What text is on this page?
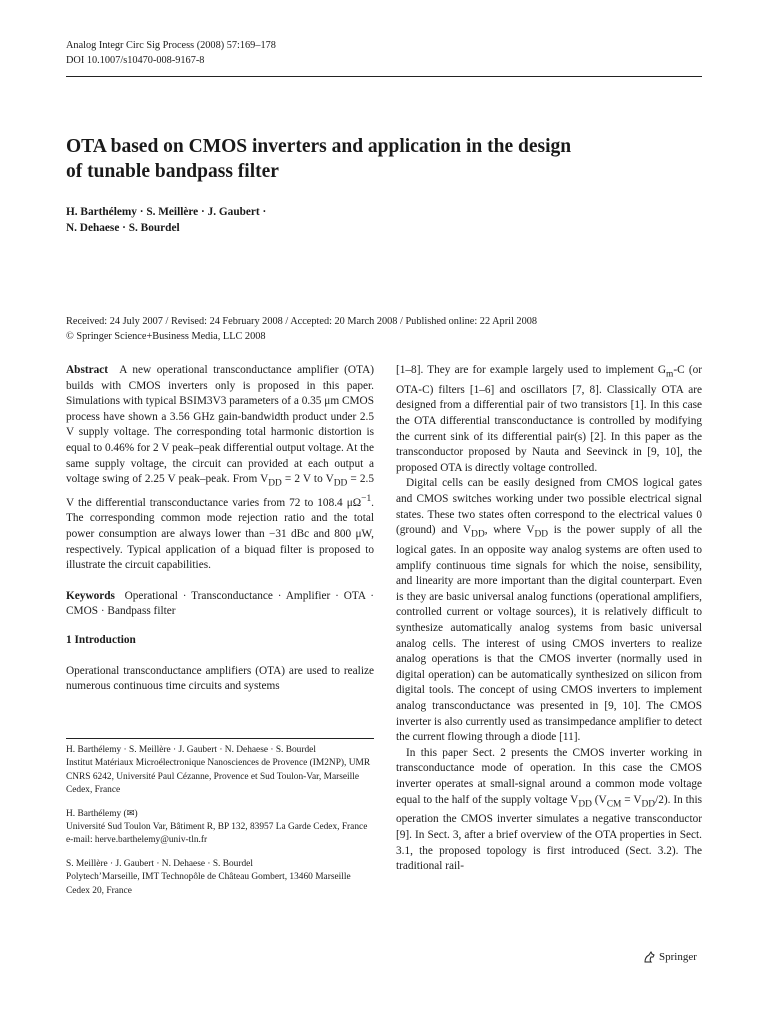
Analog Integr Circ Sig Process (2008) 57:169–178
DOI 10.1007/s10470-008-9167-8
OTA based on CMOS inverters and application in the design
of tunable bandpass filter
H. Barthélemy · S. Meillère · J. Gaubert ·
N. Dehaese · S. Bourdel
Received: 24 July 2007 / Revised: 24 February 2008 / Accepted: 20 March 2008 / Published online: 22 April 2008
© Springer Science+Business Media, LLC 2008

Abstract A new operational transconductance amplifier (OTA) builds with CMOS inverters only is proposed in this paper. Simulations with typical BSIM3V3 parameters of a 0.35 μm CMOS process have shown a 3.56 GHz gain-bandwidth product under 2.5 V supply voltage. The corresponding total harmonic distortion is equal to 0.46% for 2 V peak–peak differential output voltage. At the same supply voltage, the circuit can provided at each output a voltage swing of 2.25 V peak–peak. From $V_{DD} = 2$ V to $V_{DD} = 2.5$ V the differential transconductance varies from 72 to 108.4 $\mu\Omega^{-1}$. The corresponding common mode rejection ratio and the total power consumption are always lower than −31 dBc and 800 μW, respectively. Typical application of a biquad filter is proposed to illustrate the circuit capabilities.

Keywords Operational · Transconductance · Amplifier · OTA · CMOS · Bandpass filter

1 Introduction

Operational transconductance amplifiers (OTA) are used to realize numerous continuous time circuits and systems

H. Barthélemy · S. Meillère · J. Gaubert · N. Dehaese · S. Bourdel
Institut Matériaux Microélectronique Nanosciences de Provence (IM2NP), UMR CNRS 6242, Université Paul Cézanne, Provence et Sud Toulon-Var, Marseille Cedex, France

H. Barthélemy (✉)
Université Sud Toulon Var, Bâtiment R, BP 132, 83957 La Garde Cedex, France
e-mail: herve.barthelemy@univ-tln.fr

S. Meillère · J. Gaubert · N. Dehaese · S. Bourdel
Polytech’Marseille, IMT Technopôle de Château Gombert, 13460 Marseille Cedex 20, France

[1–8]. They are for example largely used to implement $G_m-C$ (or OTA-C) filters [1–6] and oscillators [7, 8]. Classically OTA are designed from a differential pair of two transistors [1]. In this case the OTA differential transconductance is controlled by modifying the current sink of its differential pair(s) [2]. In this paper as the transconductor proposed by Nauta and Seevinck in [9, 10], the proposed OTA is directly voltage controlled.

Digital cells can be easily designed from CMOS logical gates and CMOS switches working under two possible electrical signal states. These two states often correspond to the electrical values 0 (ground) and $V_{DD}$, where $V_{DD}$ is the power supply of all the logical gates. In an opposite way analog systems are often used to amplify continuous time signals for which the noise, sensibility, and linearity are more important than the digital counterpart. Even is they are basic universal analog functions (operational amplifiers, controlled current or voltage sources), it is relatively difficult to synthesize automatically analog systems from basic universal analog cells. The interest of using CMOS inverters to realize analog operations is that the CMOS inverter (normally used in digital operation) can be automatically synthesized on silicon from digital tools. The concept of using CMOS inverters to implement analog transconductance was presented in [9, 10]. The CMOS inverter is also currently used as transimpedance amplifier to detect the current flowing through a diode [11].

In this paper Sect. 2 presents the CMOS inverter working in transconductance mode of operation. In this case the CMOS inverter operates at small-signal around a common mode voltage equal to the half of the supply voltage $V_{DD}$ $(V_{CM} = V_{DD}/2)$. In this operation the CMOS inverter simulates a negative transconductor [9]. In Sect. 3, after a brief overview of the OTA properties in Sect. 3.1, the proposed topology is first introduced (Sect. 3.2). The traditional rail-

Springer
